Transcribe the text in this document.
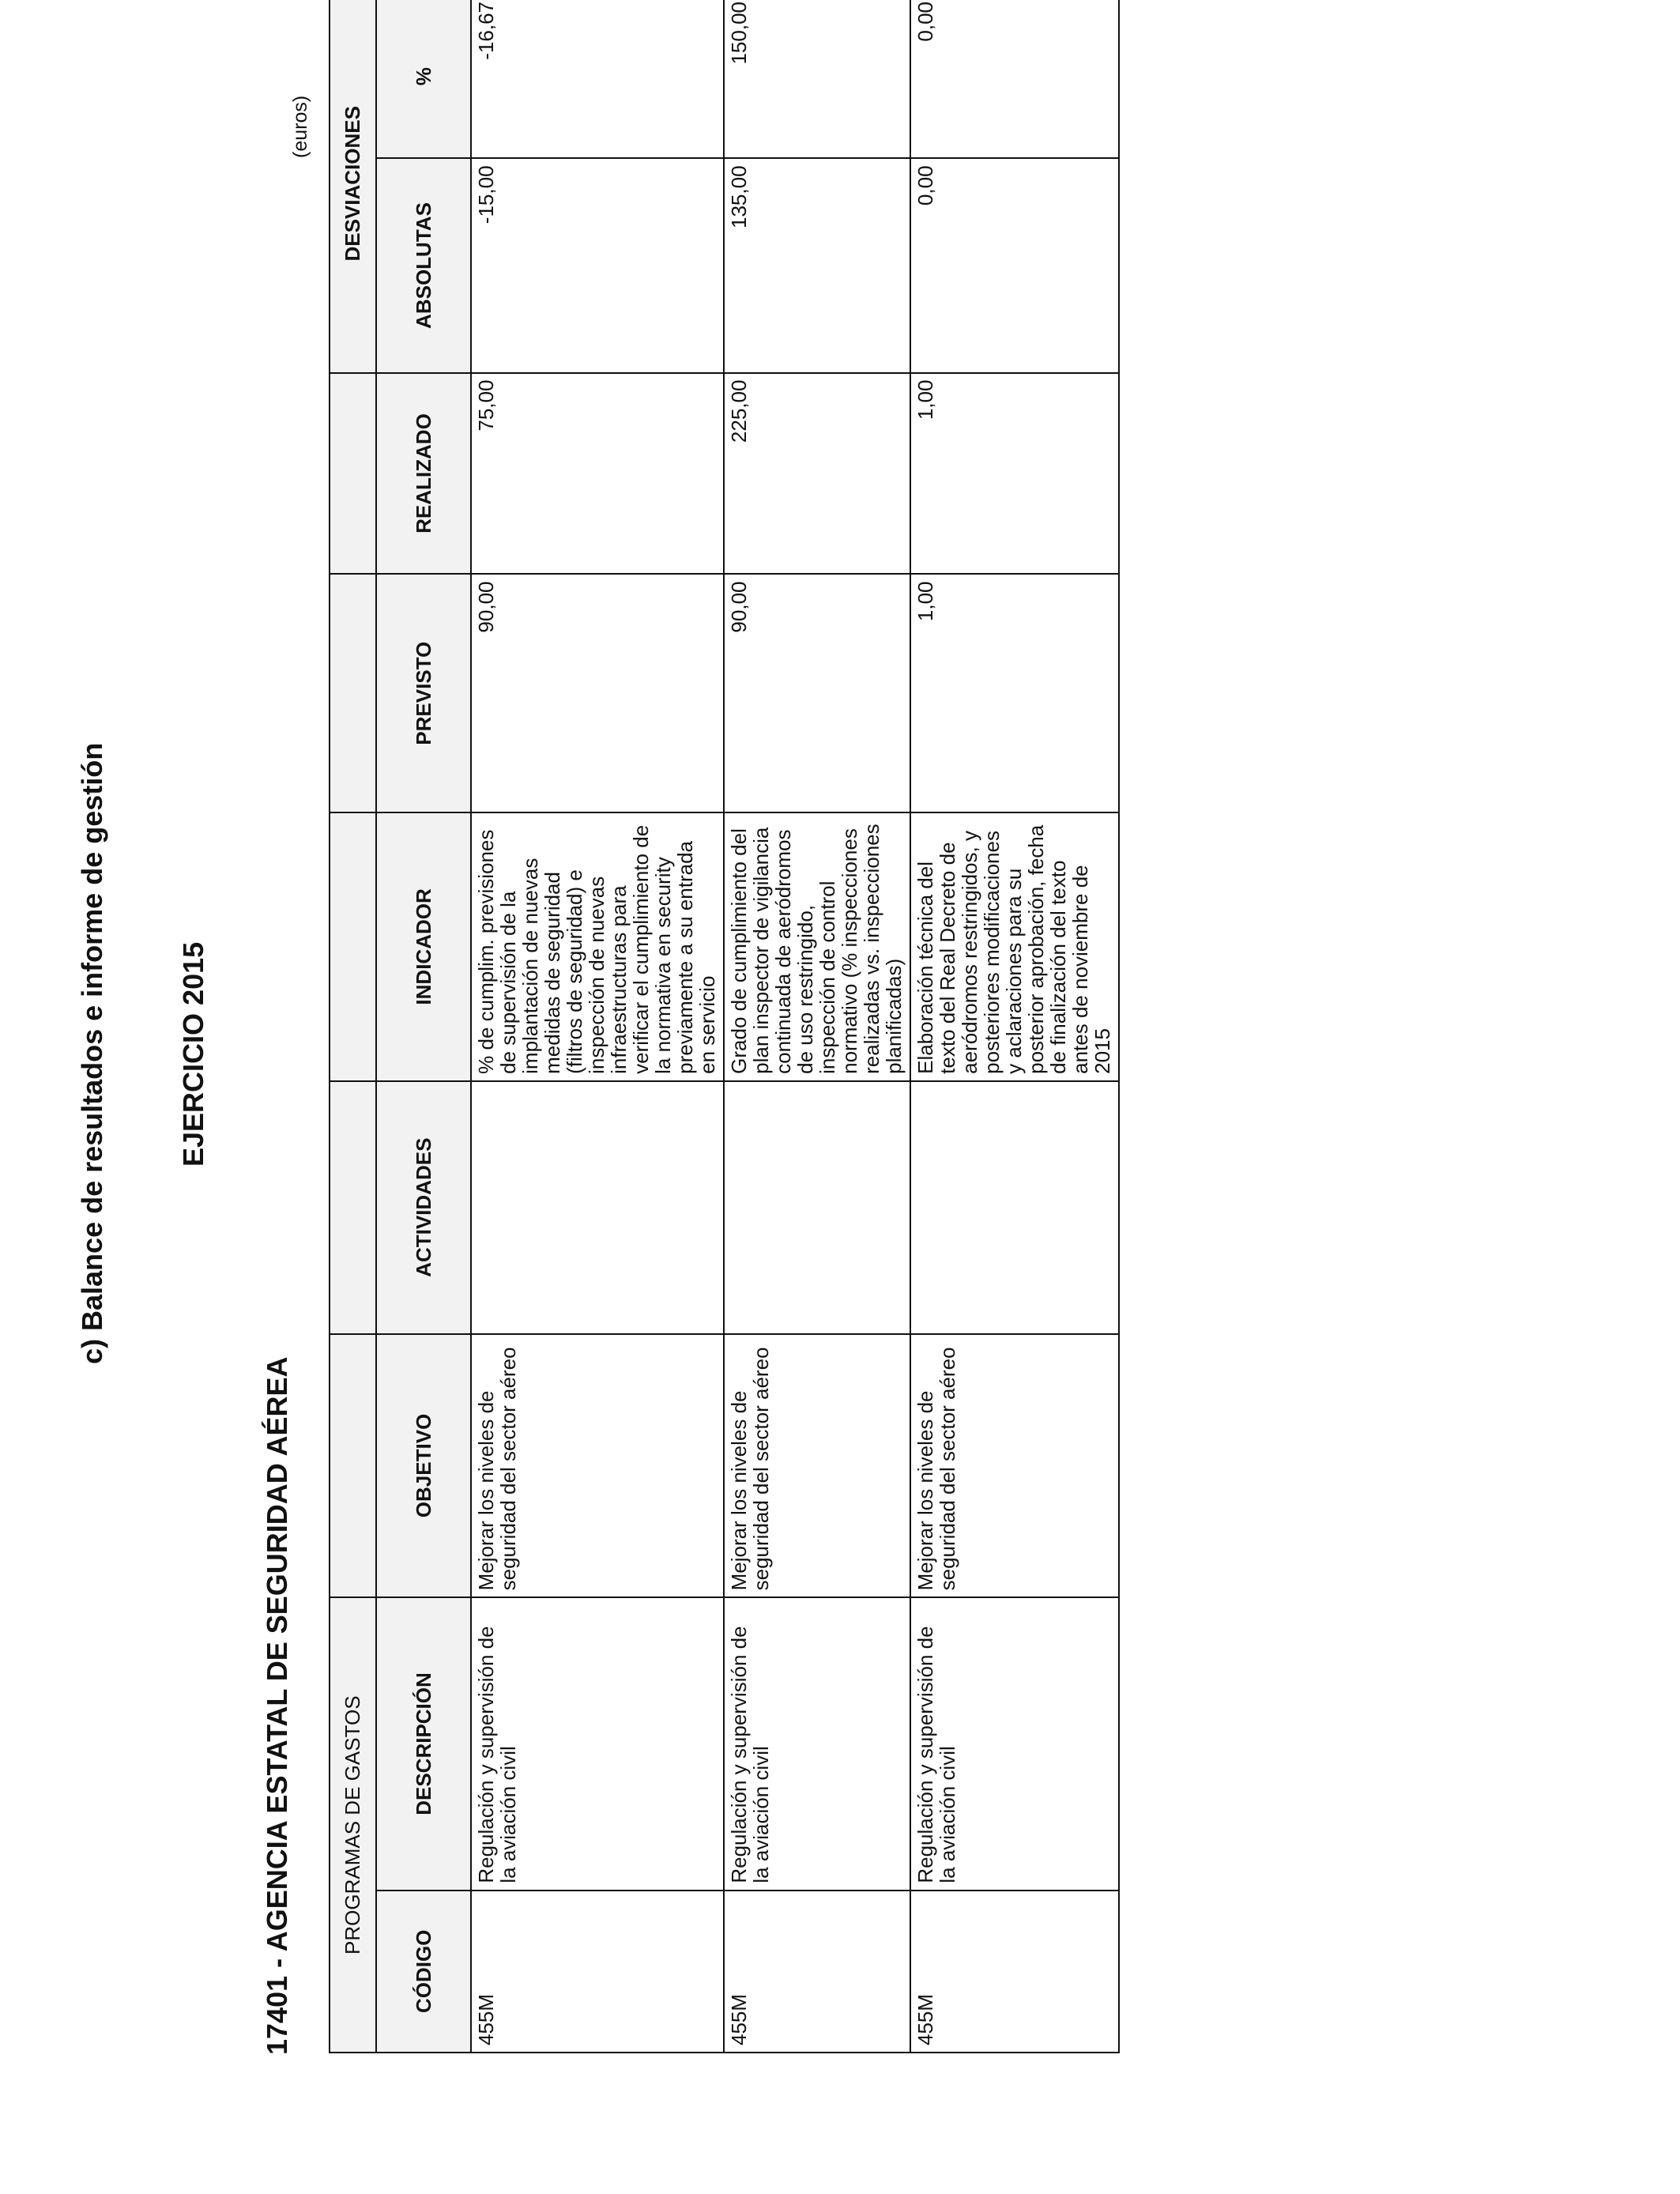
c) Balance de resultados e informe de gestión EJERCICIO 2015
17401 - AGENCIA ESTATAL DE SEGURIDAD AÉREA
(euros)
PROGRAMAS DE GASTOS							DESVIACIONES	
CÓDIGO	DESCRIPCIÓN	OBJETIVO	ACTIVIDADES	INDICADOR	PREVISTO	REALIZADO	ABSOLUTAS	%
455M	Regulación y supervisión de la aviación civil	Mejorar los niveles de seguridad del sector aéreo		% de cumplim. previsiones de supervisión de la implantación de nuevas medidas de seguridad (filtros de seguridad) e inspección de nuevas infraestructuras para verificar el cumplimiento de la normativa en security previamente a su entrada en servicio	90,00	75,00	-15,00	-16,67
455M	Regulación y supervisión de la aviación civil	Mejorar los niveles de seguridad del sector aéreo		Grado de cumplimiento del plan inspector de vigilancia continuada de aeródromos de uso restringido, inspección de control normativo (% inspecciones realizadas vs. inspecciones planificadas)	90,00	225,00	135,00	150,00
455M	Regulación y supervisión de la aviación civil	Mejorar los niveles de seguridad del sector aéreo		Elaboración técnica del texto del Real Decreto de aeródromos restringidos, y posteriores modificaciones y aclaraciones para su posterior aprobación, fecha de finalización del texto antes de noviembre de 2015	1,00	1,00	0,00	0,00
